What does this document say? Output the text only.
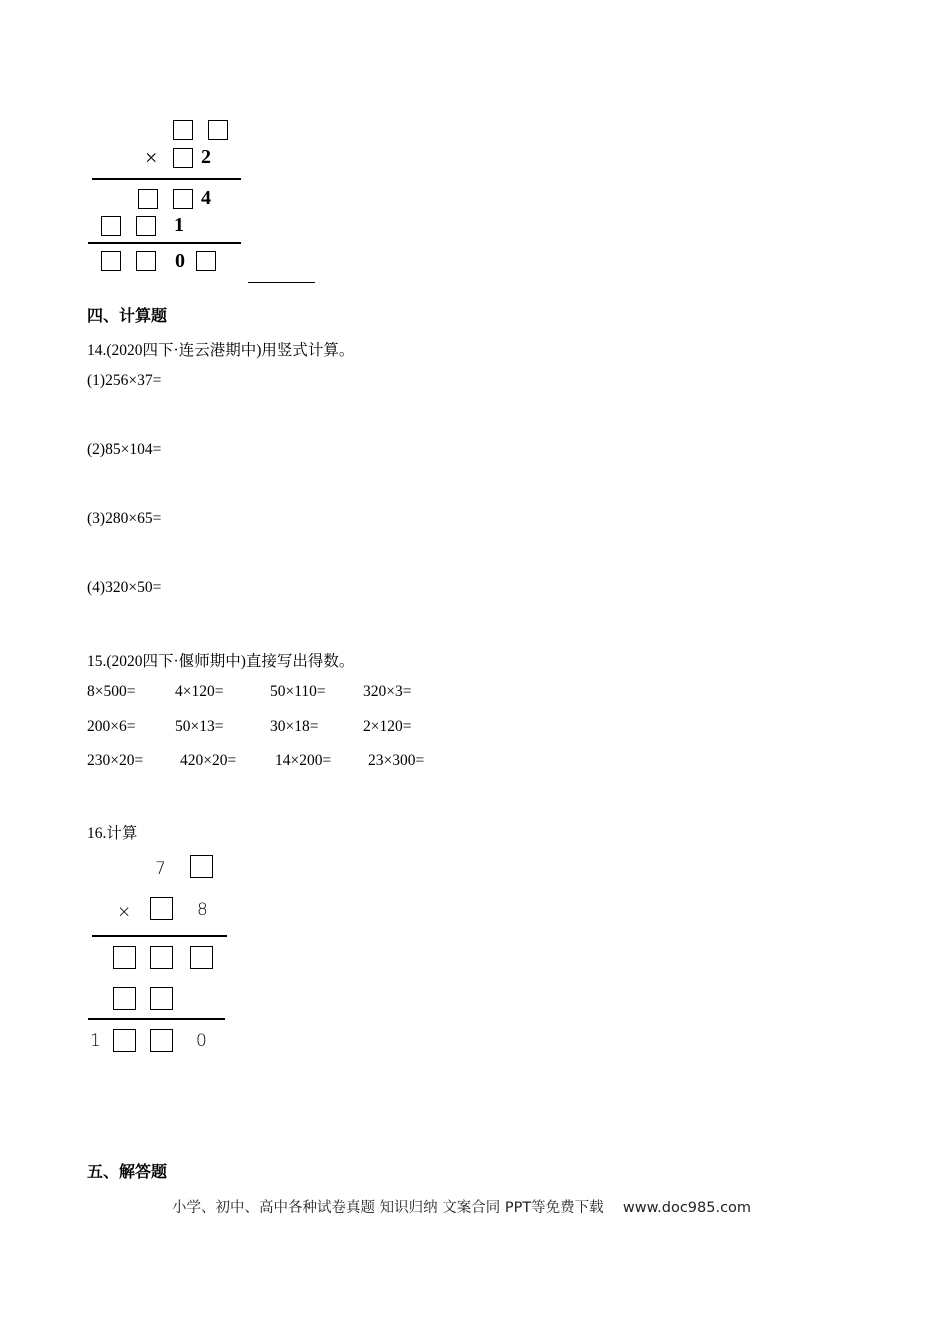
× 2
4
1
0
四、计算题
14.(2020四下·连云港期中)用竖式计算。
(1)256×37=
(2)85×104=
(3)280×65=
(4)320×50=
15.(2020四下·偃师期中)直接写出得数。
8×500=	4×120=	50×110= 320×3=
200×6=	50×13=	30×18=	2×120=
230×20= 420×20=	14×200= 23×300=
16.计算
7
×	8
1	0
五、解答题
小学、初中、高中各种试卷真题 知识归纳 文案合同 PPT等免费下载 www.doc985.com
